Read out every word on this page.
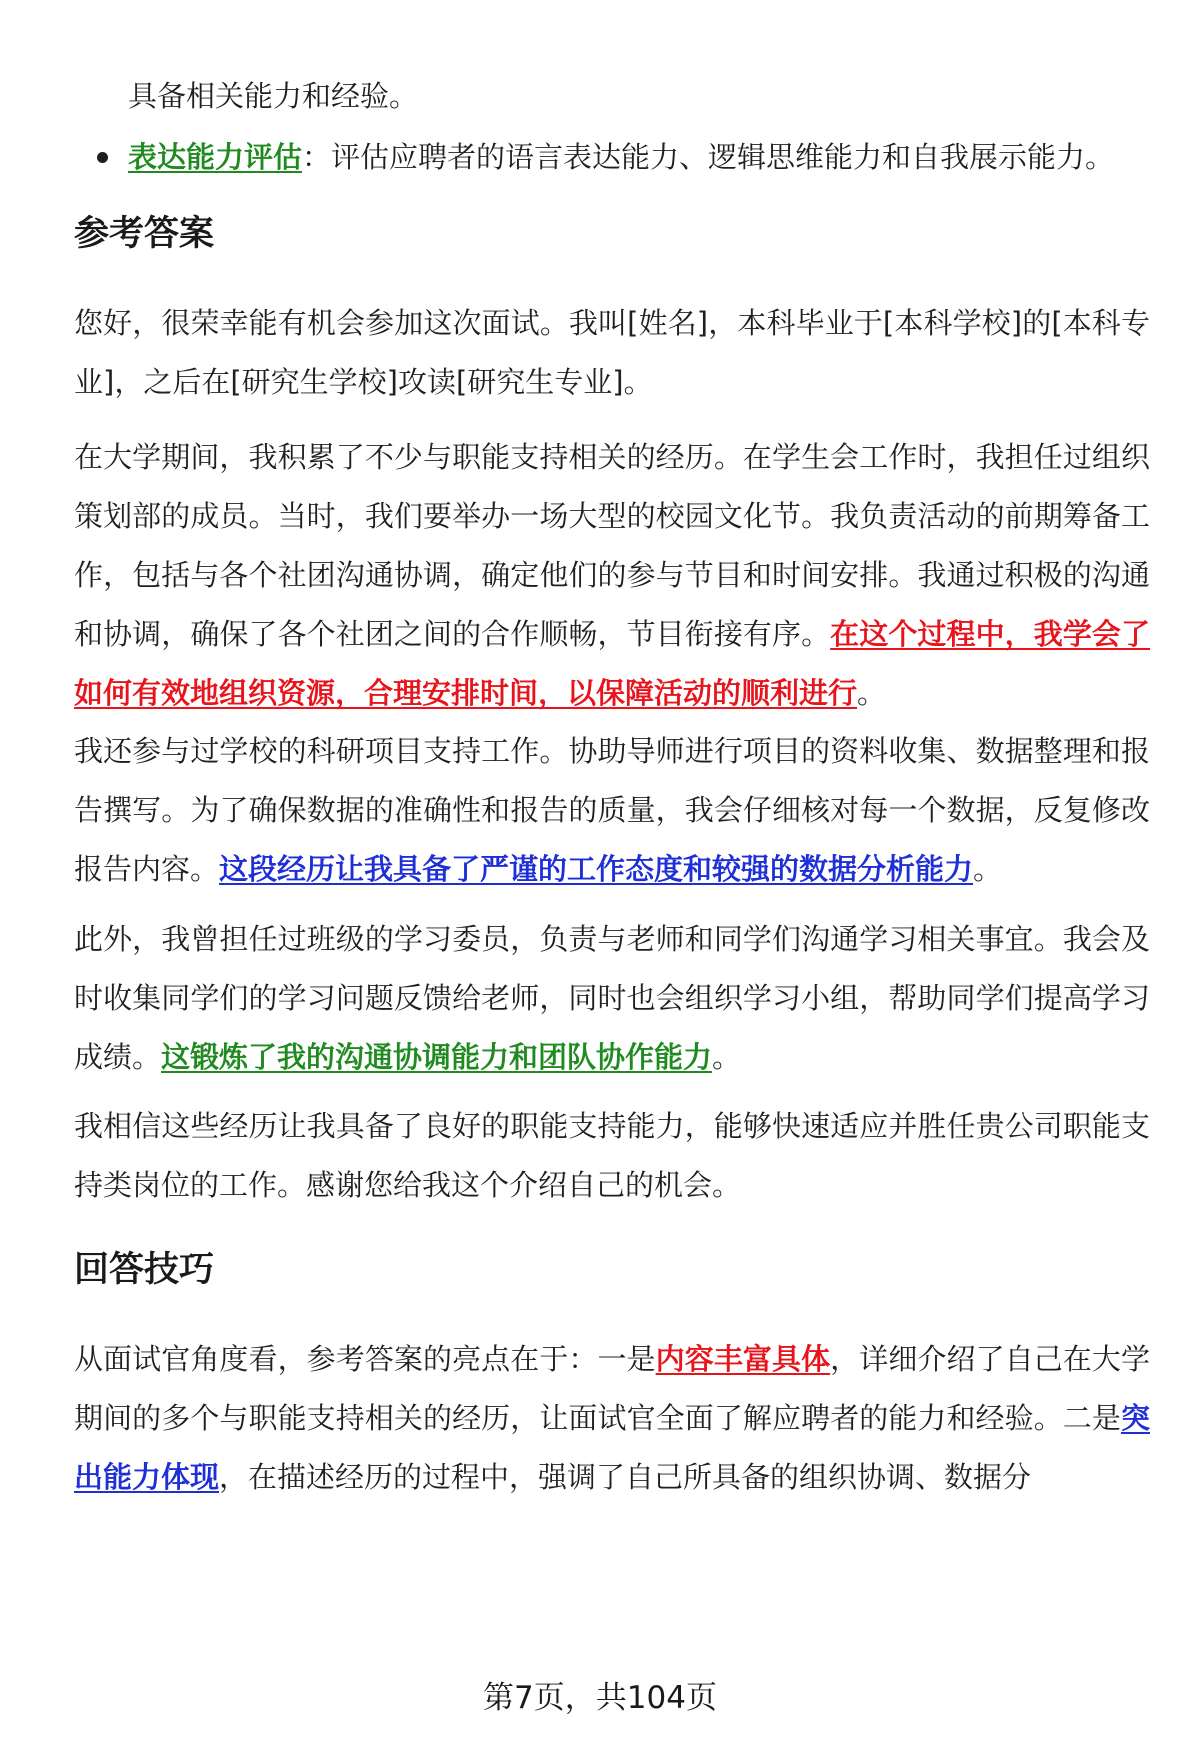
具备相关能力和经验。
表达能力评估：评估应聘者的语言表达能力、逻辑思维能力和自我展示能力。
参考答案
您好，很荣幸能有机会参加这次面试。我叫[姓名]，本科毕业于[本科学校]的[本科专业]，之后在[研究生学校]攻读[研究生专业]。
在大学期间，我积累了不少与职能支持相关的经历。在学生会工作时，我担任过组织策划部的成员。当时，我们要举办一场大型的校园文化节。我负责活动的前期筹备工作，包括与各个社团沟通协调，确定他们的参与节目和时间安排。我通过积极的沟通和协调，确保了各个社团之间的合作顺畅，节目衔接有序。在这个过程中，我学会了如何有效地组织资源，合理安排时间，以保障活动的顺利进行。
我还参与过学校的科研项目支持工作。协助导师进行项目的资料收集、数据整理和报告撰写。为了确保数据的准确性和报告的质量，我会仔细核对每一个数据，反复修改报告内容。这段经历让我具备了严谨的工作态度和较强的数据分析能力。
此外，我曾担任过班级的学习委员，负责与老师和同学们沟通学习相关事宜。我会及时收集同学们的学习问题反馈给老师，同时也会组织学习小组，帮助同学们提高学习成绩。这锻炼了我的沟通协调能力和团队协作能力。
我相信这些经历让我具备了良好的职能支持能力，能够快速适应并胜任贵公司职能支持类岗位的工作。感谢您给我这个介绍自己的机会。
回答技巧
从面试官角度看，参考答案的亮点在于：一是内容丰富具体，详细介绍了自己在大学期间的多个与职能支持相关的经历，让面试官全面了解应聘者的能力和经验。二是突出能力体现，在描述经历的过程中，强调了自己所具备的组织协调、数据分
第7页，共104页
